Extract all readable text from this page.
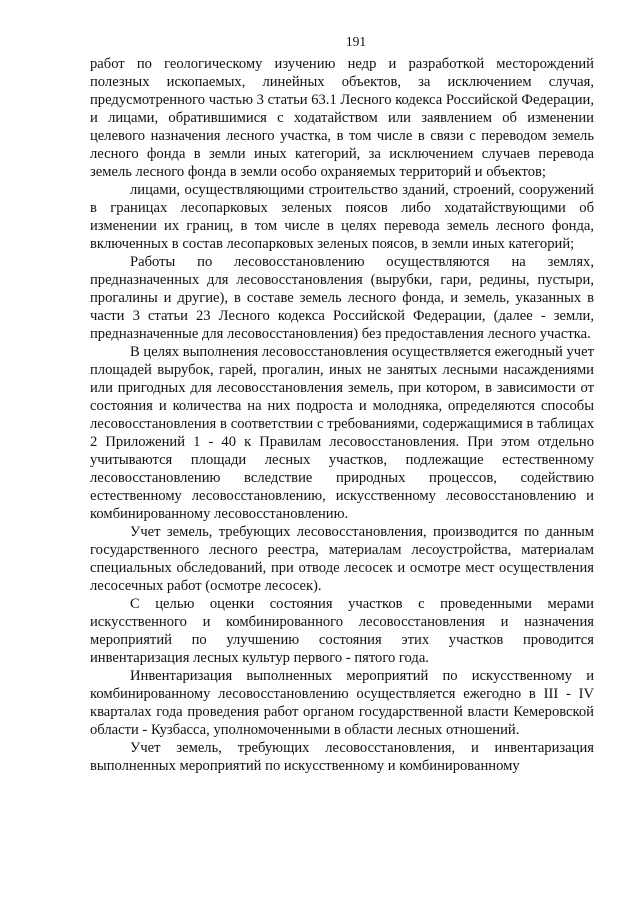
191

работ по геологическому изучению недр и разработкой месторождений полезных ископаемых, линейных объектов, за исключением случая, предусмотренного частью 3 статьи 63.1 Лесного кодекса Российской Федерации, и лицами, обратившимися с ходатайством или заявлением об изменении целевого назначения лесного участка, в том числе в связи с переводом земель лесного фонда в земли иных категорий, за исключением случаев перевода земель лесного фонда в земли особо охраняемых территорий и объектов;

лицами, осуществляющими строительство зданий, строений, сооружений в границах лесопарковых зеленых поясов либо ходатайствующими об изменении их границ, в том числе в целях перевода земель лесного фонда, включенных в состав лесопарковых зеленых поясов, в земли иных категорий;

Работы по лесовосстановлению осуществляются на землях, предназначенных для лесовосстановления (вырубки, гари, редины, пустыри, прогалины и другие), в составе земель лесного фонда, и земель, указанных в части 3 статьи 23 Лесного кодекса Российской Федерации, (далее - земли, предназначенные для лесовосстановления) без предоставления лесного участка.

В целях выполнения лесовосстановления осуществляется ежегодный учет площадей вырубок, гарей, прогалин, иных не занятых лесными насаждениями или пригодных для лесовосстановления земель, при котором, в зависимости от состояния и количества на них подроста и молодняка, определяются способы лесовосстановления в соответствии с требованиями, содержащимися в таблицах 2 Приложений 1 - 40 к Правилам лесовосстановления. При этом отдельно учитываются площади лесных участков, подлежащие естественному лесовосстановлению вследствие природных процессов, содействию естественному лесовосстановлению, искусственному лесовосстановлению и комбинированному лесовосстановлению.

Учет земель, требующих лесовосстановления, производится по данным государственного лесного реестра, материалам лесоустройства, материалам специальных обследований, при отводе лесосек и осмотре мест осуществления лесосечных работ (осмотре лесосек).

С целью оценки состояния участков с проведенными мерами искусственного и комбинированного лесовосстановления и назначения мероприятий по улучшению состояния этих участков проводится инвентаризация лесных культур первого - пятого года.

Инвентаризация выполненных мероприятий по искусственному и комбинированному лесовосстановлению осуществляется ежегодно в III - IV кварталах года проведения работ органом государственной власти Кемеровской области - Кузбасса, уполномоченными в области лесных отношений.

Учет земель, требующих лесовосстановления, и инвентаризация выполненных мероприятий по искусственному и комбинированному
